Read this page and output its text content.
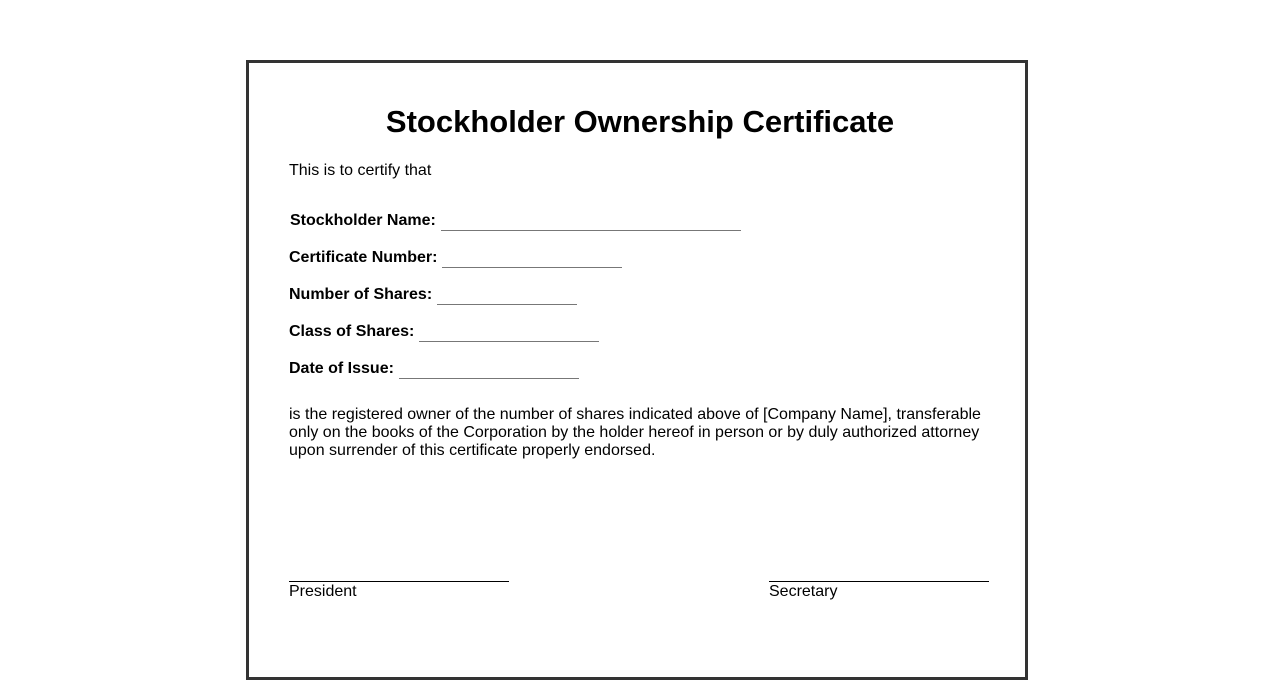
Stockholder Ownership Certificate

This is to certify that

Stockholder Name:
Certificate Number:
Number of Shares:
Class of Shares:
Date of Issue:

is the registered owner of the number of shares indicated above of [Company Name], transferable only on the books of the Corporation by the holder hereof in person or by duly authorized attorney upon surrender of this certificate properly endorsed.

President	Secretary
